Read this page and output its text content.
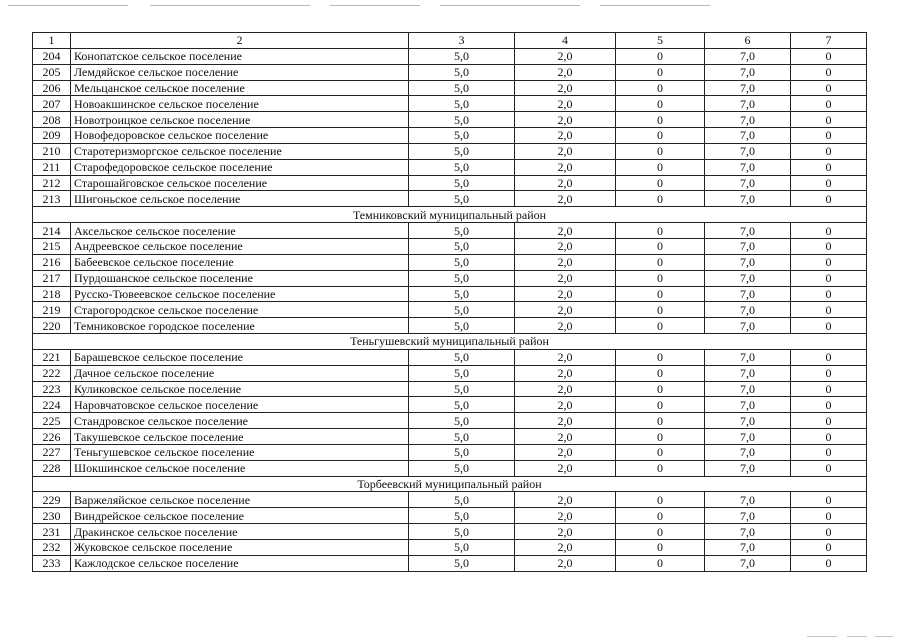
1	2	3	4	5	6	7
204	Конопатское сельское поселение	5,0	2,0	0	7,0	0
205	Лемдяйское сельское поселение	5,0	2,0	0	7,0	0
206	Мельцанское сельское поселение	5,0	2,0	0	7,0	0
207	Новоакшинское сельское поселение	5,0	2,0	0	7,0	0
208	Новотроицкое сельское поселение	5,0	2,0	0	7,0	0
209	Новофедоровское сельское поселение	5,0	2,0	0	7,0	0
210	Старотеризморгское сельское поселение	5,0	2,0	0	7,0	0
211	Старофедоровское сельское поселение	5,0	2,0	0	7,0	0
212	Старошайговское сельское поселение	5,0	2,0	0	7,0	0
213	Шигоньское сельское поселение	5,0	2,0	0	7,0	0
Темниковский муниципальный район						
214	Аксельское сельское поселение	5,0	2,0	0	7,0	0
215	Андреевское сельское поселение	5,0	2,0	0	7,0	0
216	Бабеевское сельское поселение	5,0	2,0	0	7,0	0
217	Пурдошанское сельское поселение	5,0	2,0	0	7,0	0
218	Русско-Тювеевское сельское поселение	5,0	2,0	0	7,0	0
219	Старогородское сельское поселение	5,0	2,0	0	7,0	0
220	Темниковское городское поселение	5,0	2,0	0	7,0	0
Теньгушевский муниципальный район						
221	Барашевское сельское поселение	5,0	2,0	0	7,0	0
222	Дачное сельское поселение	5,0	2,0	0	7,0	0
223	Куликовское сельское поселение	5,0	2,0	0	7,0	0
224	Наровчатовское сельское поселение	5,0	2,0	0	7,0	0
225	Стандровское сельское поселение	5,0	2,0	0	7,0	0
226	Такушевское сельское поселение	5,0	2,0	0	7,0	0
227	Теньгушевское сельское поселение	5,0	2,0	0	7,0	0
228	Шокшинское сельское поселение	5,0	2,0	0	7,0	0
Торбеевский муниципальный район						
229	Варжеляйское сельское поселение	5,0	2,0	0	7,0	0
230	Виндрейское сельское поселение	5,0	2,0	0	7,0	0
231	Дракинское сельское поселение	5,0	2,0	0	7,0	0
232	Жуковское сельское поселение	5,0	2,0	0	7,0	0
233	Кажлодское сельское поселение	5,0	2,0	0	7,0	0
